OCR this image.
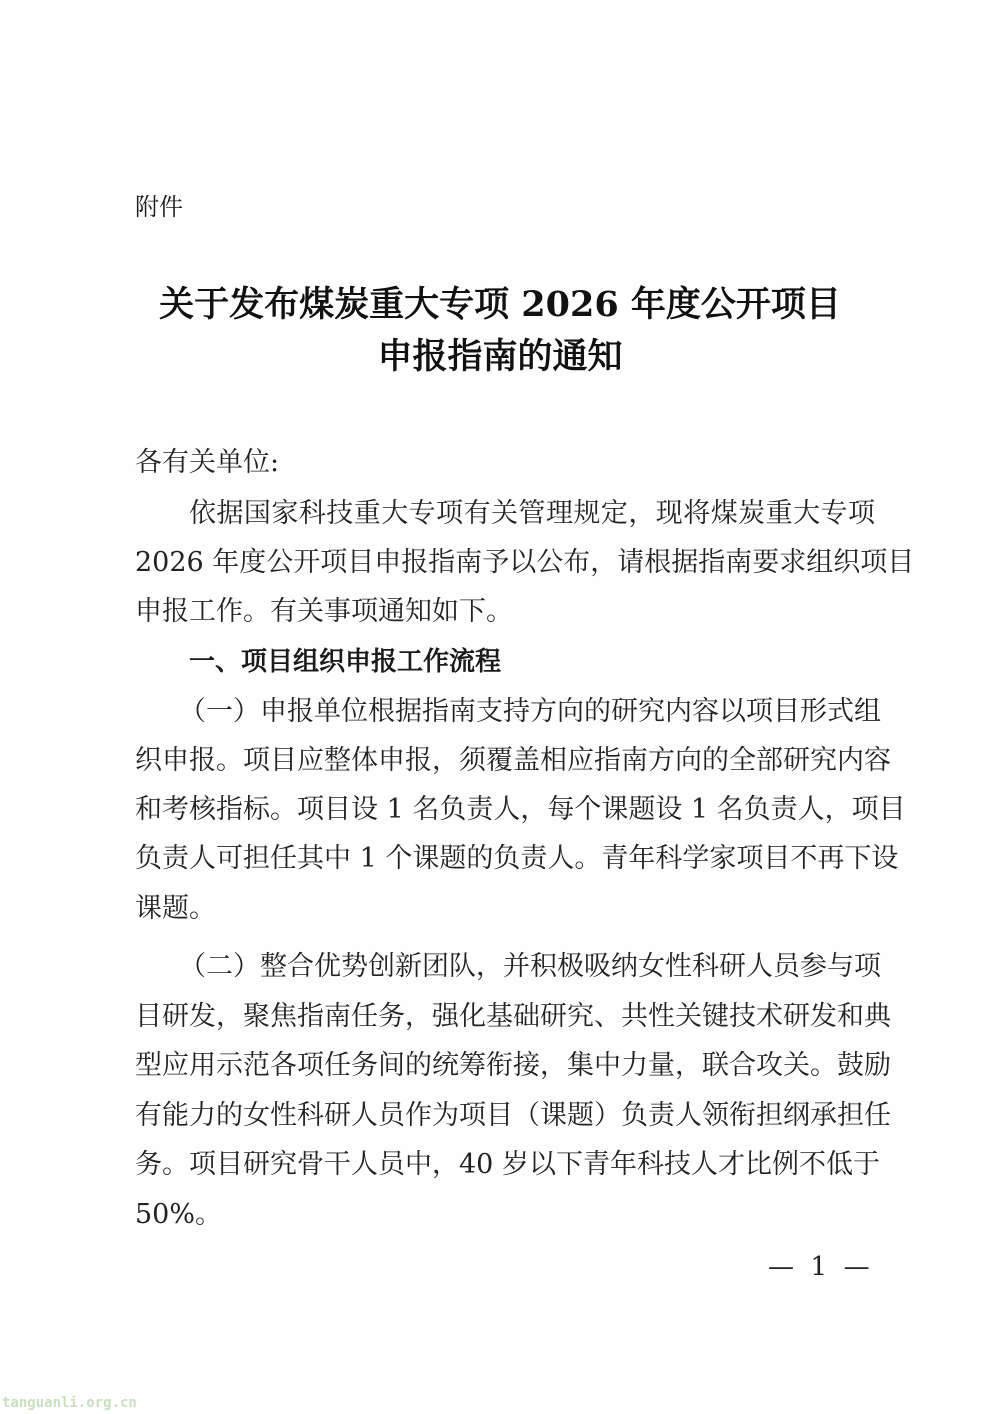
附件
关于发布煤炭重大专项 2026 年度公开项目
申报指南的通知
各有关单位:
依据国家科技重大专项有关管理规定，现将煤炭重大专项
2026 年度公开项目申报指南予以公布，请根据指南要求组织项目
申报工作。有关事项通知如下。
一、项目组织申报工作流程
（一）申报单位根据指南支持方向的研究内容以项目形式组
织申报。项目应整体申报，须覆盖相应指南方向的全部研究内容
和考核指标。项目设 1 名负责人，每个课题设 1 名负责人，项目
负责人可担任其中 1 个课题的负责人。青年科学家项目不再下设
课题。
（二）整合优势创新团队，并积极吸纳女性科研人员参与项
目研发，聚焦指南任务，强化基础研究、共性关键技术研发和典
型应用示范各项任务间的统筹衔接，集中力量，联合攻关。鼓励
有能力的女性科研人员作为项目（课题）负责人领衔担纲承担任
务。项目研究骨干人员中，40 岁以下青年科技人才比例不低于
50%。
—  1  —
tanguanli.org.cn
